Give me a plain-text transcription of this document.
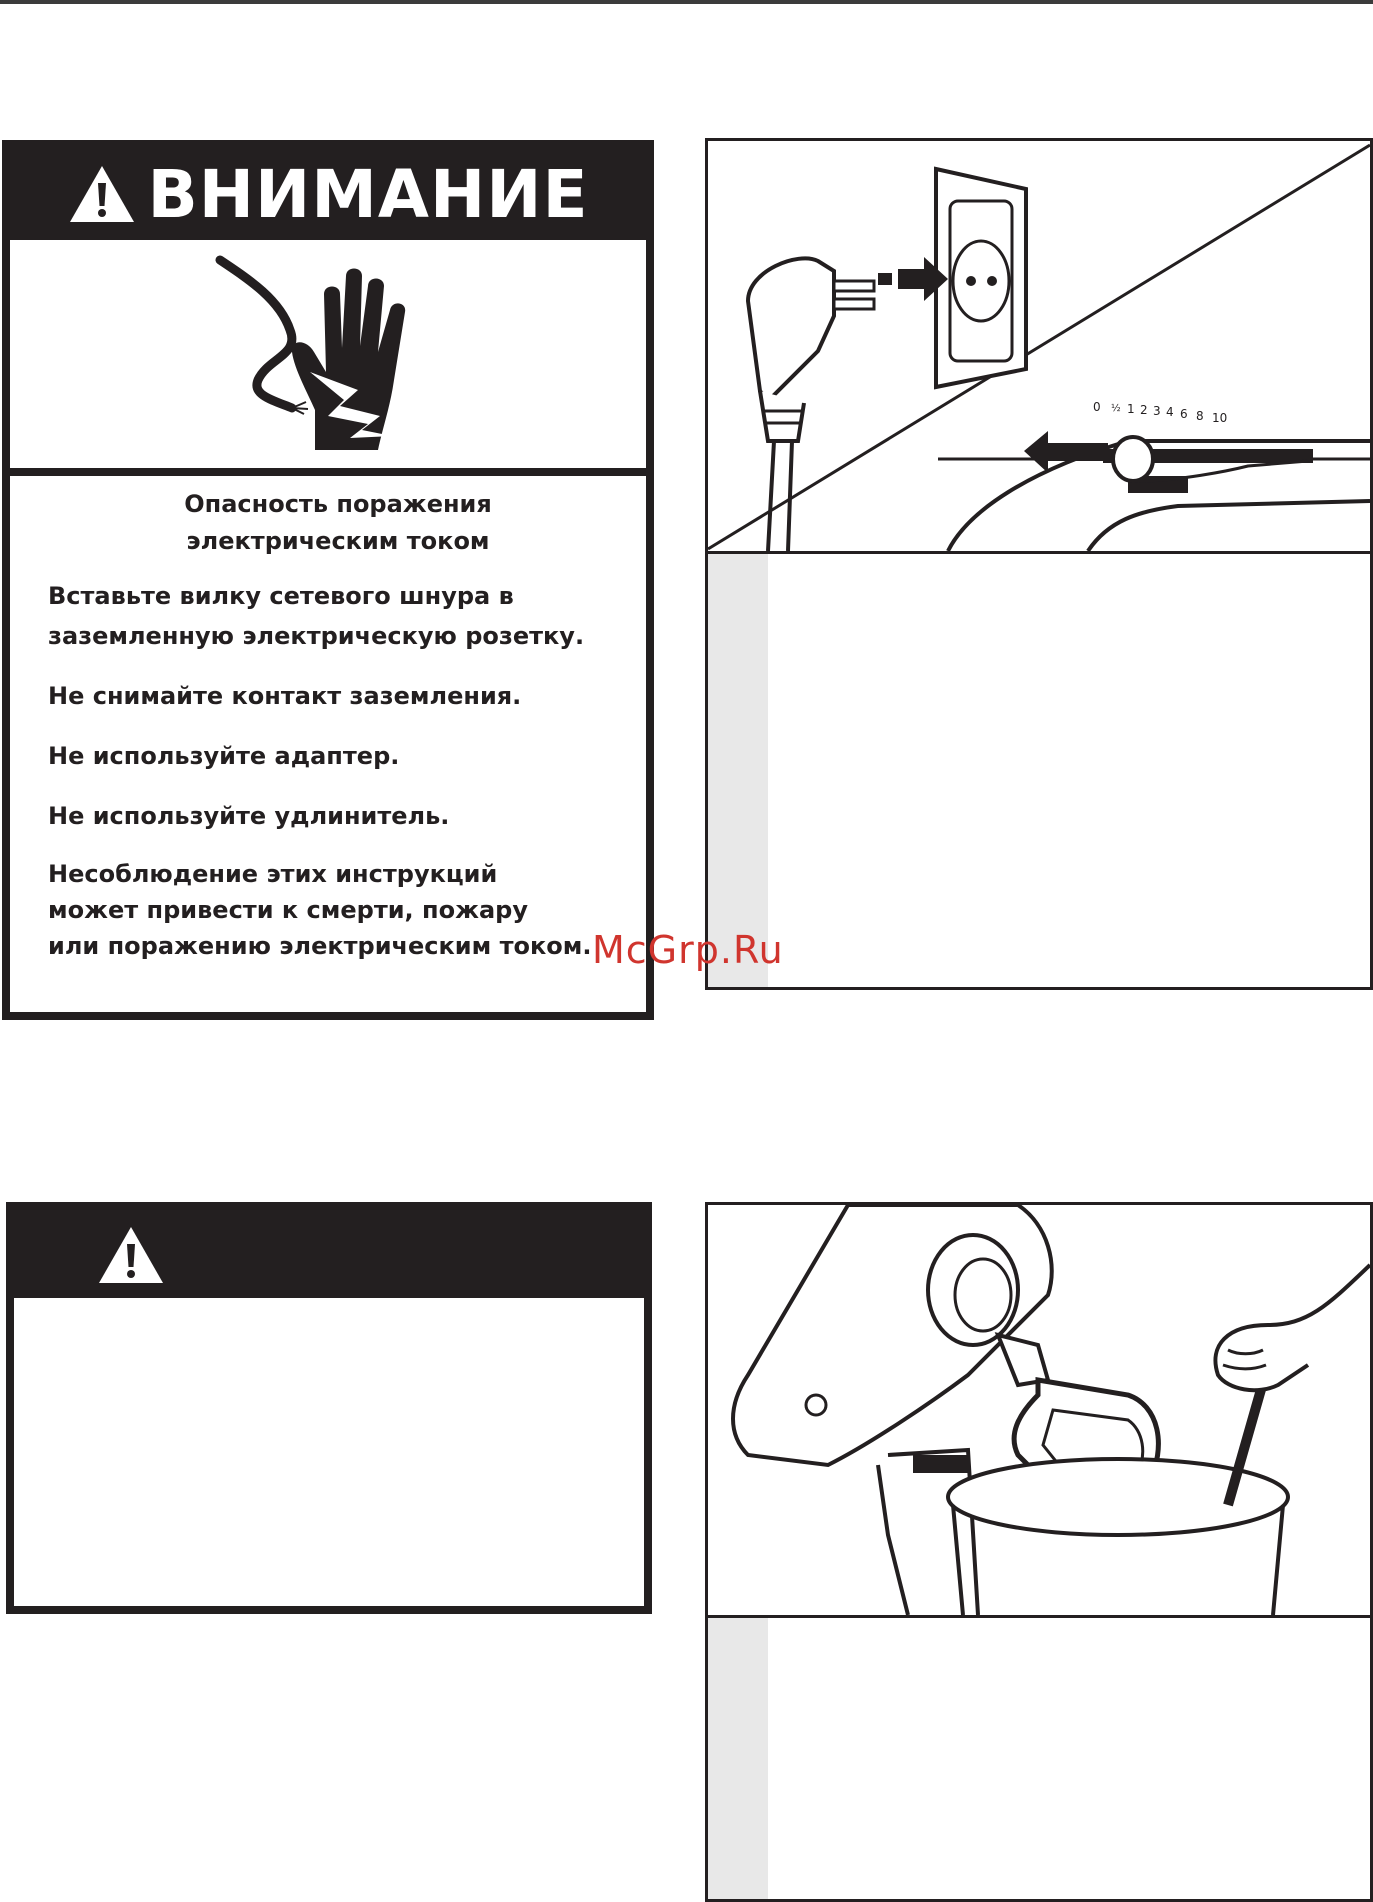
ВНИМАНИЕ

Опасность поражения
электрическим током

Вставьте вилку сетевого шнура в
заземленную электрическую розетку.

Не снимайте контакт заземления.

Не используйте адаптер.

Не используйте удлинитель.

Несоблюдение этих инструкций
может привести к смерти, пожару
или поражению электрическим током.

0 ½ 1 2 3 4 6 8 10
McGrp.Ru
